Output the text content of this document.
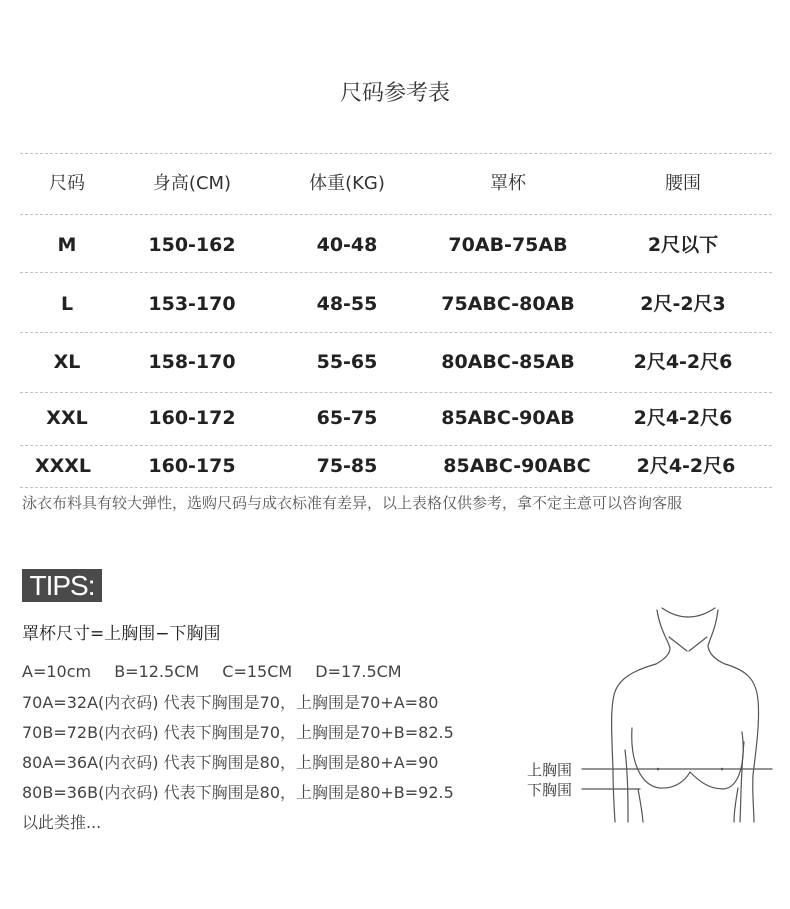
尺码参考表
尺码	身高(CM)	体重(KG)	罩杯	腰围
M	150-162	40-48	70AB-75AB	2尺以下
L	153-170	48-55	75ABC-80AB	2尺-2尺3
XL	158-170	55-65	80ABC-85AB	2尺4-2尺6
XXL	160-172	65-75	85ABC-90AB	2尺4-2尺6
XXXL	160-175	75-85	85ABC-90ABC 2尺4-2尺6
泳衣布料具有较大弹性，选购尺码与成衣标准有差异，以上表格仅供参考，拿不定主意可以咨询客服
TIPS:
罩杯尺寸=上胸围−下胸围
A=10cm B=12.5CM C=15CM D=17.5CM
70A=32A(内衣码) 代表下胸围是70，上胸围是70+A=80
70B=72B(内衣码) 代表下胸围是70，上胸围是70+B=82.5
80A=36A(内衣码) 代表下胸围是80，上胸围是80+A=90
80B=36B(内衣码) 代表下胸围是80，上胸围是80+B=92.5
以此类推...
上胸围
下胸围
